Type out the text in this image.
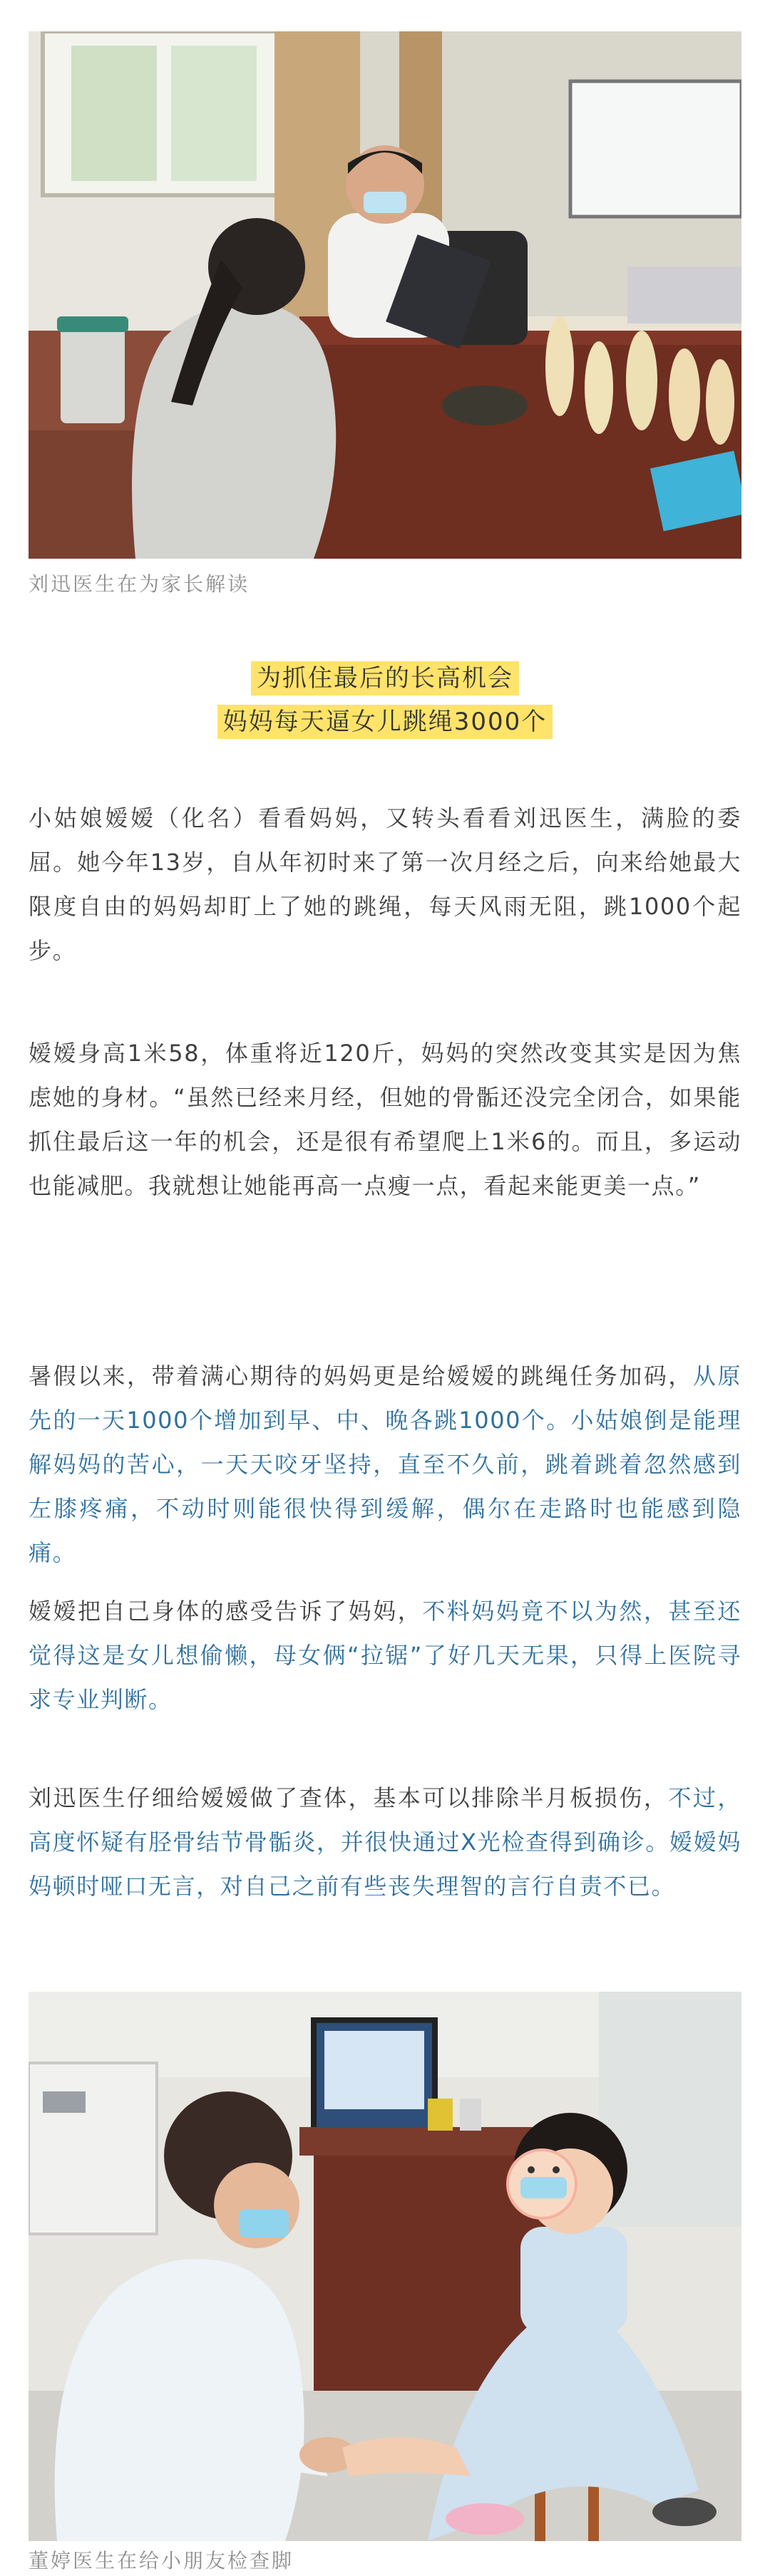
刘迅医生在为家长解读
为抓住最后的长高机会
妈妈每天逼女儿跳绳3000个
小姑娘嫒嫒（化名）看看妈妈，又转头看看刘迅医生，满脸的委屈。她今年13岁，自从年初时来了第一次月经之后，向来给她最大限度自由的妈妈却盯上了她的跳绳，每天风雨无阻，跳1000个起步。
嫒嫒身高1米58，体重将近120斤，妈妈的突然改变其实是因为焦虑她的身材。“虽然已经来月经，但她的骨骺还没完全闭合，如果能抓住最后这一年的机会，还是很有希望爬上1米6的。而且，多运动也能减肥。我就想让她能再高一点瘦一点，看起来能更美一点。”
暑假以来，带着满心期待的妈妈更是给嫒嫒的跳绳任务加码，从原先的一天1000个增加到早、中、晚各跳1000个。小姑娘倒是能理解妈妈的苦心，一天天咬牙坚持，直至不久前，跳着跳着忽然感到左膝疼痛，不动时则能很快得到缓解，偶尔在走路时也能感到隐痛。
嫒嫒把自己身体的感受告诉了妈妈，不料妈妈竟不以为然，甚至还觉得这是女儿想偷懒，母女俩“拉锯”了好几天无果，只得上医院寻求专业判断。
刘迅医生仔细给嫒嫒做了查体，基本可以排除半月板损伤，不过，高度怀疑有胫骨结节骨骺炎，并很快通过X光检查得到确诊。嫒嫒妈妈顿时哑口无言，对自己之前有些丧失理智的言行自责不已。
董婷医生在给小朋友检查脚
